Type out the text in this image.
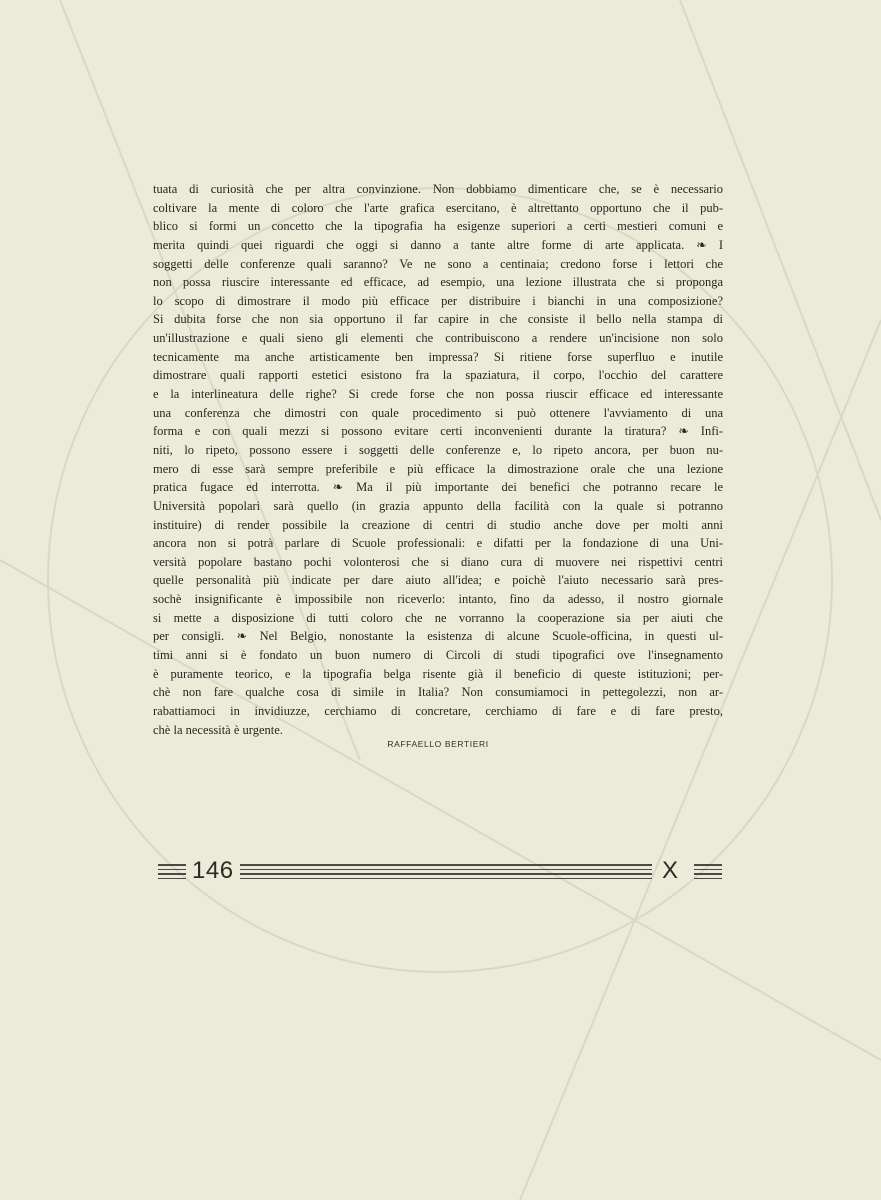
tuata di curiosità che per altra convinzione. Non dobbiamo dimenticare che, se è necessario
coltivare la mente di coloro che l'arte grafica esercitano, è altrettanto opportuno che il pub-
blico si formi un concetto che la tipografia ha esigenze superiori a certi mestieri comuni e
merita quindi quei riguardi che oggi si danno a tante altre forme di arte applicata. ❧ I
soggetti delle conferenze quali saranno? Ve ne sono a centinaia; credono forse i lettori che
non possa riuscire interessante ed efficace, ad esempio, una lezione illustrata che si proponga
lo scopo di dimostrare il modo più efficace per distribuire i bianchi in una composizione?
Si dubita forse che non sia opportuno il far capire in che consiste il bello nella stampa di
un'illustrazione e quali sieno gli elementi che contribuiscono a rendere un'incisione non solo
tecnicamente ma anche artisticamente ben impressa? Si ritiene forse superfluo e inutile
dimostrare quali rapporti estetici esistono fra la spaziatura, il corpo, l'occhio del carattere
e la interlineatura delle righe? Si crede forse che non possa riuscir efficace ed interessante
una conferenza che dimostri con quale procedimento si può ottenere l'avviamento di una
forma e con quali mezzi si possono evitare certi inconvenienti durante la tiratura? ❧ Infi-
niti, lo ripeto, possono essere i soggetti delle conferenze e, lo ripeto ancora, per buon nu-
mero di esse sarà sempre preferibile e più efficace la dimostrazione orale che una lezione
pratica fugace ed interrotta. ❧ Ma il più importante dei benefici che potranno recare le
Università popolari sarà quello (in grazia appunto della facilità con la quale si potranno
instituire) di render possibile la creazione di centri di studio anche dove per molti anni
ancora non si potrà parlare di Scuole professionali: e difatti per la fondazione di una Uni-
versità popolare bastano pochi volonterosi che si diano cura di muovere nei rispettivi centri
quelle personalità più indicate per dare aiuto all'idea; e poichè l'aiuto necessario sarà pres-
sochè insignificante è impossibile non riceverlo: intanto, fino da adesso, il nostro giornale
si mette a disposizione di tutti coloro che ne vorranno la cooperazione sia per aiuti che
per consigli. ❧ Nel Belgio, nonostante la esistenza di alcune Scuole-officina, in questi ul-
timi anni si è fondato un buon numero di Circoli di studi tipografici ove l'insegnamento
è puramente teorico, e la tipografia belga risente già il beneficio di queste istituzioni; per-
chè non fare qualche cosa di simile in Italia? Non consumiamoci in pettegolezzi, non ar-
rabattiamoci in invidiuzze, cerchiamo di concretare, cerchiamo di fare e di fare presto,
chè la necessità è urgente.
RAFFAELLO BERTIERI
146	X
